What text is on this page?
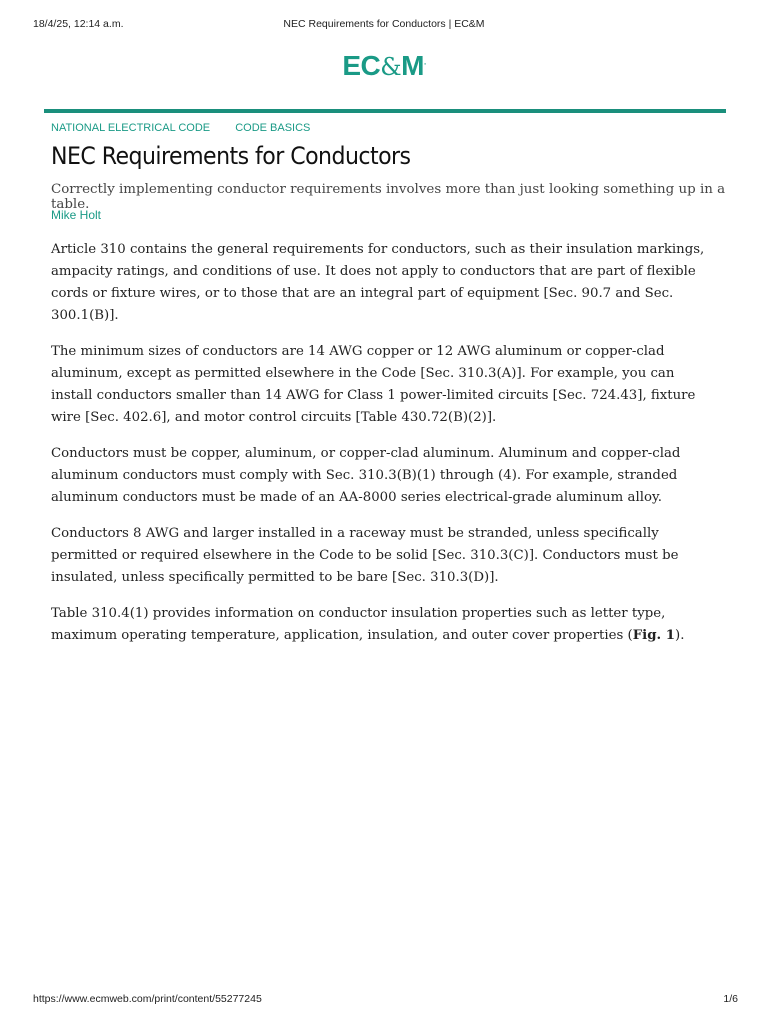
18/4/25, 12:14 a.m.	NEC Requirements for Conductors | EC&M
EC&M.
NATIONAL ELECTRICAL CODE CODE BASICS
NEC Requirements for Conductors

Correctly implementing conductor requirements involves more than just looking something up in a table.

Mike Holt

Article 310 contains the general requirements for conductors, such as their insulation markings, ampacity ratings, and conditions of use. It does not apply to conductors that are part of flexible cords or fixture wires, or to those that are an integral part of equipment [Sec. 90.7 and Sec. 300.1(B)].

The minimum sizes of conductors are 14 AWG copper or 12 AWG aluminum or copper-clad aluminum, except as permitted elsewhere in the Code [Sec. 310.3(A)]. For example, you can install conductors smaller than 14 AWG for Class 1 power-limited circuits [Sec. 724.43], fixture wire [Sec. 402.6], and motor control circuits [Table 430.72(B)(2)].

Conductors must be copper, aluminum, or copper-clad aluminum. Aluminum and copper-clad aluminum conductors must comply with Sec. 310.3(B)(1) through (4). For example, stranded aluminum conductors must be made of an AA-8000 series electrical-grade aluminum alloy.

Conductors 8 AWG and larger installed in a raceway must be stranded, unless specifically permitted or required elsewhere in the Code to be solid [Sec. 310.3(C)]. Conductors must be insulated, unless specifically permitted to be bare [Sec. 310.3(D)].

Table 310.4(1) provides information on conductor insulation properties such as letter type, maximum operating temperature, application, insulation, and outer cover properties (Fig. 1).

https://www.ecmweb.com/print/content/55277245	1/6
